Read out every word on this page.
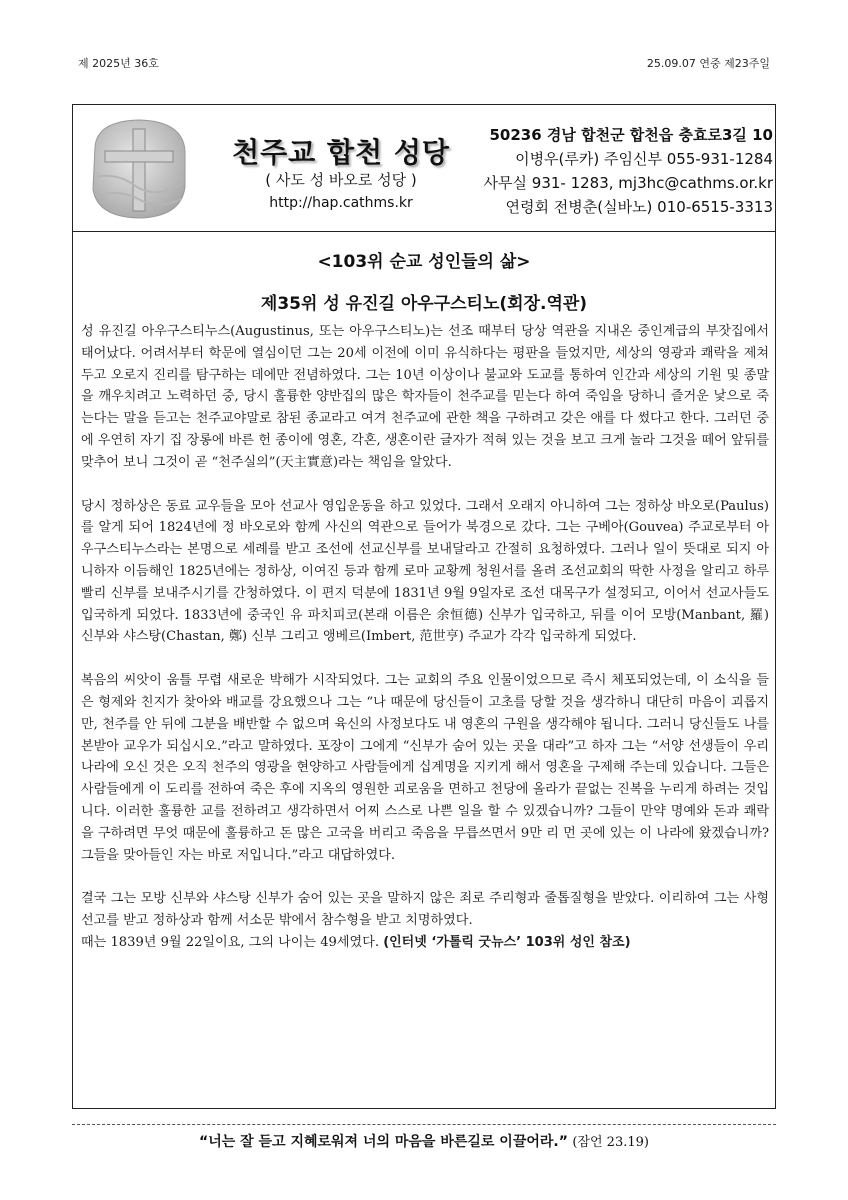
제 2025년 36호	25.09.07 연중 제23주일
천주교 합천 성당
( 사도 성 바오로 성당 )
http://hap.cathms.kr
50236 경남 합천군 합천읍 충효로3길 10
이병우(루카) 주임신부 055-931-1284
사무실 931- 1283, mj3hc@cathms.or.kr
연령회 전병춘(실바노) 010-6515-3313
<103위 순교 성인들의 삶>
제35위 성 유진길 아우구스티노(회장.역관)

성 유진길 아우구스티누스(Augustinus, 또는 아우구스티노)는 선조 때부터 당상 역관을 지내온 중인계급의 부잣집에서 태어났다. 어려서부터 학문에 열심이던 그는 20세 이전에 이미 유식하다는 평판을 들었지만, 세상의 영광과 쾌락을 제쳐두고 오로지 진리를 탐구하는 데에만 전념하였다. 그는 10년 이상이나 불교와 도교를 통하여 인간과 세상의 기원 및 종말을 깨우치려고 노력하던 중, 당시 훌륭한 양반집의 많은 학자들이 천주교를 믿는다 하여 죽임을 당하니 즐거운 낯으로 죽는다는 말을 듣고는 천주교야말로 참된 종교라고 여겨 천주교에 관한 책을 구하려고 갖은 애를 다 썼다고 한다. 그러던 중에 우연히 자기 집 장롱에 바른 헌 종이에 영혼, 각혼, 생혼이란 글자가 적혀 있는 것을 보고 크게 놀라 그것을 떼어 앞뒤를 맞추어 보니 그것이 곧 “천주실의”(天主實意)라는 책임을 알았다.

당시 정하상은 동료 교우들을 모아 선교사 영입운동을 하고 있었다. 그래서 오래지 아니하여 그는 정하상 바오로(Paulus)를 알게 되어 1824년에 정 바오로와 함께 사신의 역관으로 들어가 북경으로 갔다. 그는 구베아(Gouvea) 주교로부터 아우구스티누스라는 본명으로 세례를 받고 조선에 선교신부를 보내달라고 간절히 요청하였다. 그러나 일이 뜻대로 되지 아니하자 이듬해인 1825년에는 정하상, 이여진 등과 함께 로마 교황께 청원서를 올려 조선교회의 딱한 사정을 알리고 하루 빨리 신부를 보내주시기를 간청하였다. 이 편지 덕분에 1831년 9월 9일자로 조선 대목구가 설정되고, 이어서 선교사들도 입국하게 되었다. 1833년에 중국인 유 파치피코(본래 이름은 余恒德) 신부가 입국하고, 뒤를 이어 모방(Manbant, 羅) 신부와 샤스탕(Chastan, 鄭) 신부 그리고 앵베르(Imbert, 范世亨) 주교가 각각 입국하게 되었다.

복음의 씨앗이 움틀 무렵 새로운 박해가 시작되었다. 그는 교회의 주요 인물이었으므로 즉시 체포되었는데, 이 소식을 들은 형제와 친지가 찾아와 배교를 강요했으나 그는 “나 때문에 당신들이 고초를 당할 것을 생각하니 대단히 마음이 괴롭지만, 천주를 안 뒤에 그분을 배반할 수 없으며 육신의 사정보다도 내 영혼의 구원을 생각해야 됩니다. 그러니 당신들도 나를 본받아 교우가 되십시오.”라고 말하였다. 포장이 그에게 “신부가 숨어 있는 곳을 대라”고 하자 그는 “서양 선생들이 우리나라에 오신 것은 오직 천주의 영광을 현양하고 사람들에게 십계명을 지키게 해서 영혼을 구제해 주는데 있습니다. 그들은 사람들에게 이 도리를 전하여 죽은 후에 지옥의 영원한 괴로움을 면하고 천당에 올라가 끝없는 진복을 누리게 하려는 것입니다. 이러한 훌륭한 교를 전하려고 생각하면서 어찌 스스로 나쁜 일을 할 수 있겠습니까? 그들이 만약 명예와 돈과 쾌락을 구하려면 무엇 때문에 훌륭하고 돈 많은 고국을 버리고 죽음을 무릅쓰면서 9만 리 먼 곳에 있는 이 나라에 왔겠습니까? 그들을 맞아들인 자는 바로 저입니다.”라고 대답하였다.

결국 그는 모방 신부와 샤스탕 신부가 숨어 있는 곳을 말하지 않은 죄로 주리형과 줄톱질형을 받았다. 이리하여 그는 사형선고를 받고 정하상과 함께 서소문 밖에서 참수형을 받고 치명하였다.
때는 1839년 9월 22일이요, 그의 나이는 49세였다. (인터넷 ‘가톨릭 굿뉴스’ 103위 성인 참조)

“너는 잘 듣고 지혜로워져 너의 마음을 바른길로 이끌어라.” (잠언 23.19)
